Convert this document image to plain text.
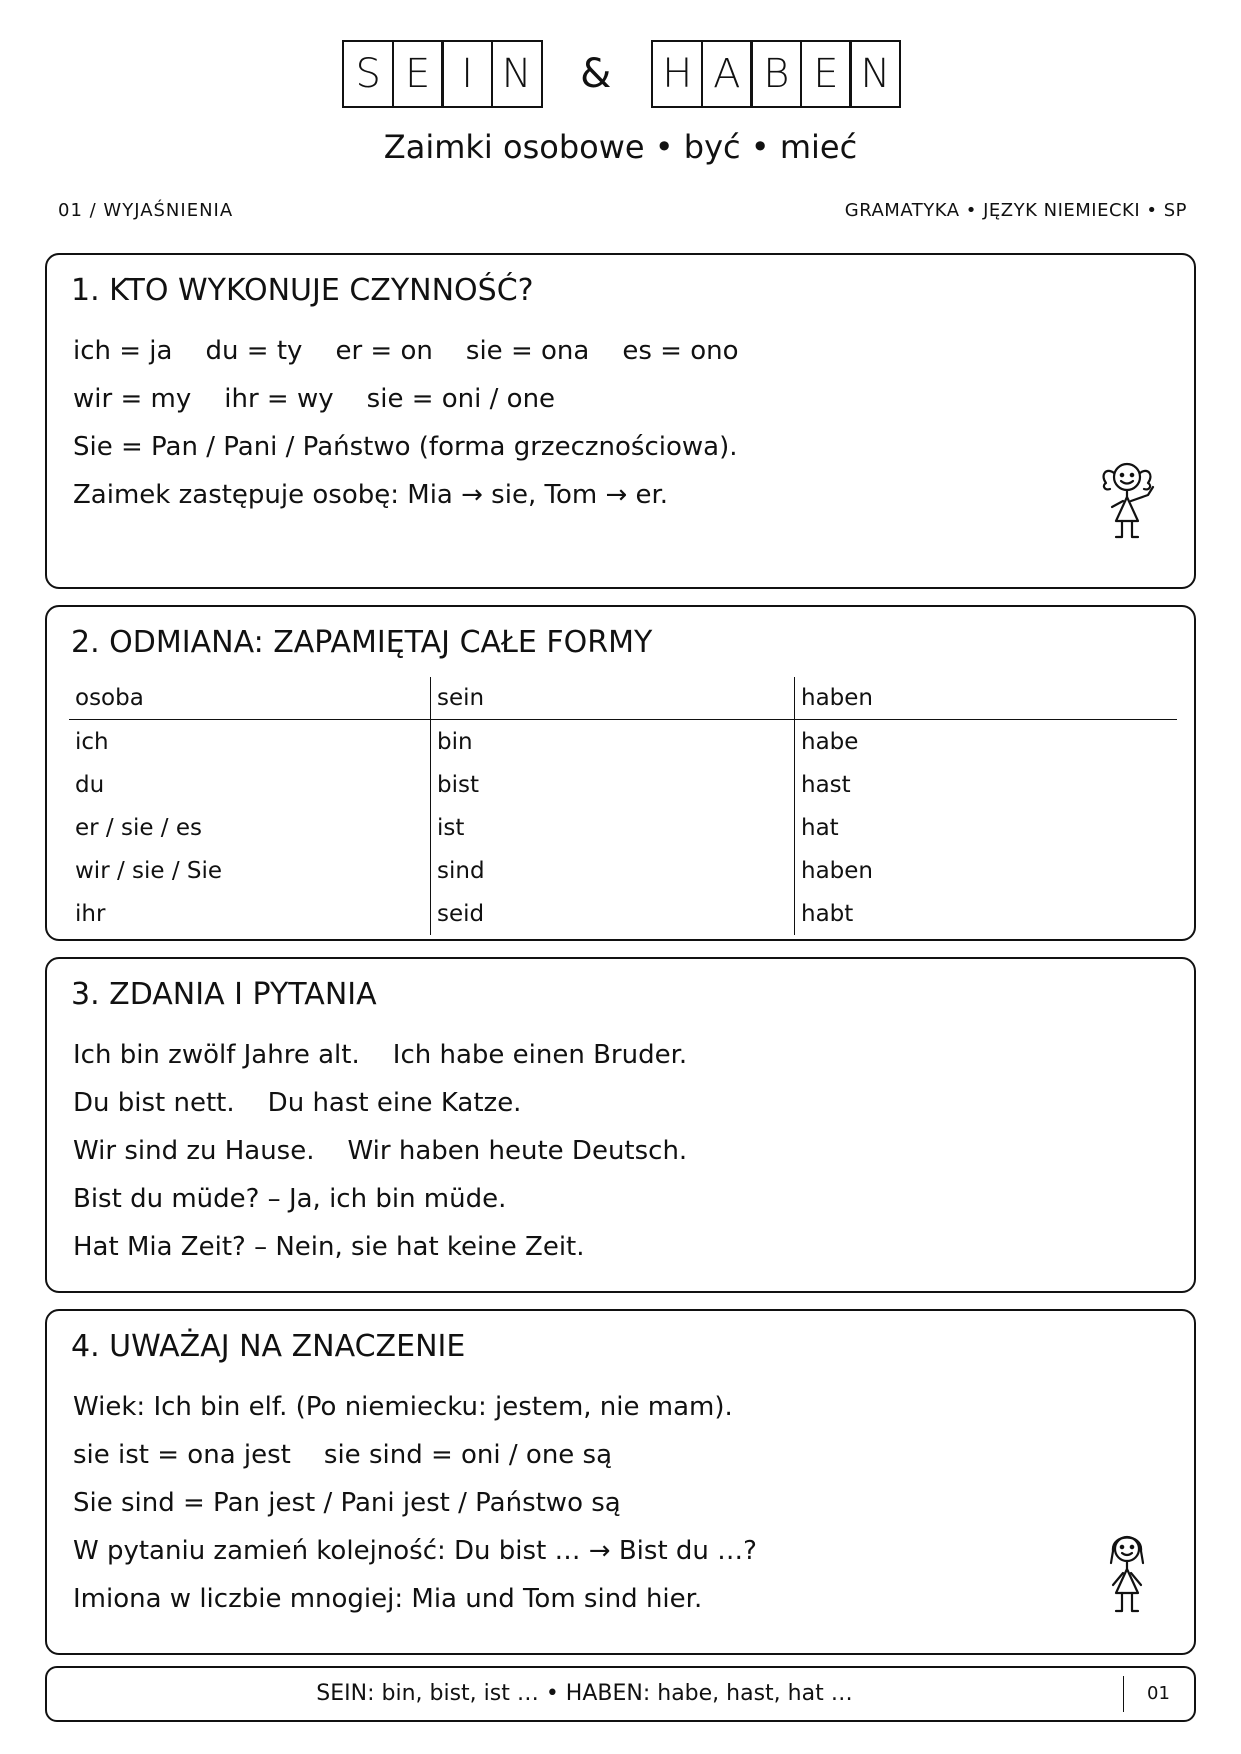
S E I N & H A B E N
Zaimki osobowe • być • mieć
01 / WYJAŚNIENIA	GRAMATYKA • JĘZYK NIEMIECKI • SP
1. KTO WYKONUJE CZYNNOŚĆ?
ich = ja    du = ty    er = on    sie = ona    es = ono
wir = my    ihr = wy    sie = oni / one
Sie = Pan / Pani / Państwo (forma grzecznościowa).
Zaimek zastępuje osobę: Mia → sie, Tom → er.
2. ODMIANA: ZAPAMIĘTAJ CAŁE FORMY
osoba	sein	haben
ich	bin	habe
du	bist	hast
er / sie / es	ist	hat
wir / sie / Sie	sind	haben
ihr	seid	habt
3. ZDANIA I PYTANIA
Ich bin zwölf Jahre alt.    Ich habe einen Bruder.
Du bist nett.    Du hast eine Katze.
Wir sind zu Hause.    Wir haben heute Deutsch.
Bist du müde? – Ja, ich bin müde.
Hat Mia Zeit? – Nein, sie hat keine Zeit.
4. UWAŻAJ NA ZNACZENIE
Wiek: Ich bin elf. (Po niemiecku: jestem, nie mam).
sie ist = ona jest    sie sind = oni / one są
Sie sind = Pan jest / Pani jest / Państwo są
W pytaniu zamień kolejność: Du bist … → Bist du …?
Imiona w liczbie mnogiej: Mia und Tom sind hier.
SEIN: bin, bist, ist … • HABEN: habe, hast, hat …	01
